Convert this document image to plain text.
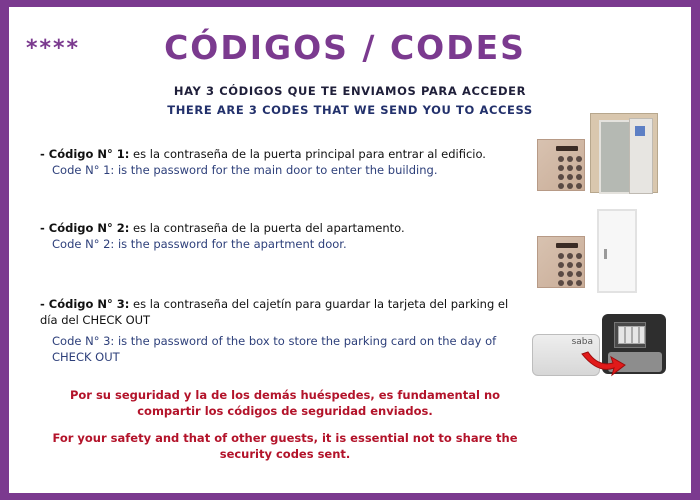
****	CÓDIGOS / CODES
HAY 3 CÓDIGOS QUE TE ENVIAMOS PARA ACCEDER
THERE ARE 3 CODES THAT WE SEND YOU TO ACCESS
- Código N° 1: es la contraseña de la puerta principal para entrar al edificio.
Code N° 1: is the password for the main door to enter the building.
- Código N° 2: es la contraseña de la puerta del apartamento.
Code N° 2: is the password for the apartment door.
- Código N° 3: es la contraseña del cajetín para guardar la tarjeta del parking el día del CHECK OUT
Code N° 3: is the password of the box to store the parking card on the day of CHECK OUT
Por su seguridad y la de los demás huéspedes, es fundamental no compartir los códigos de seguridad enviados.
For your safety and that of other guests, it is essential not to share the security codes sent.
saba
